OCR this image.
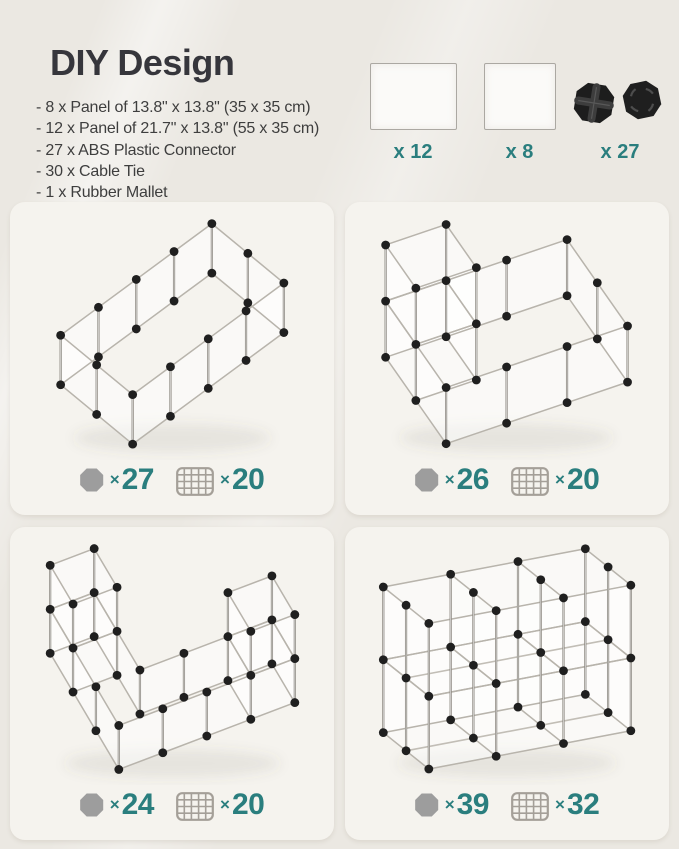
DIY Design
- 8 x Panel of 13.8" x 13.8" (35 x 35 cm)
- 12 x Panel of 21.7" x 13.8" (55 x 35 cm)
- 27 x ABS Plastic Connector
- 30 x Cable Tie
- 1 x Rubber Mallet
x 12	x 8	x 27
× 27	× 20	× 26	× 20
× 24	× 20	× 39	× 32
